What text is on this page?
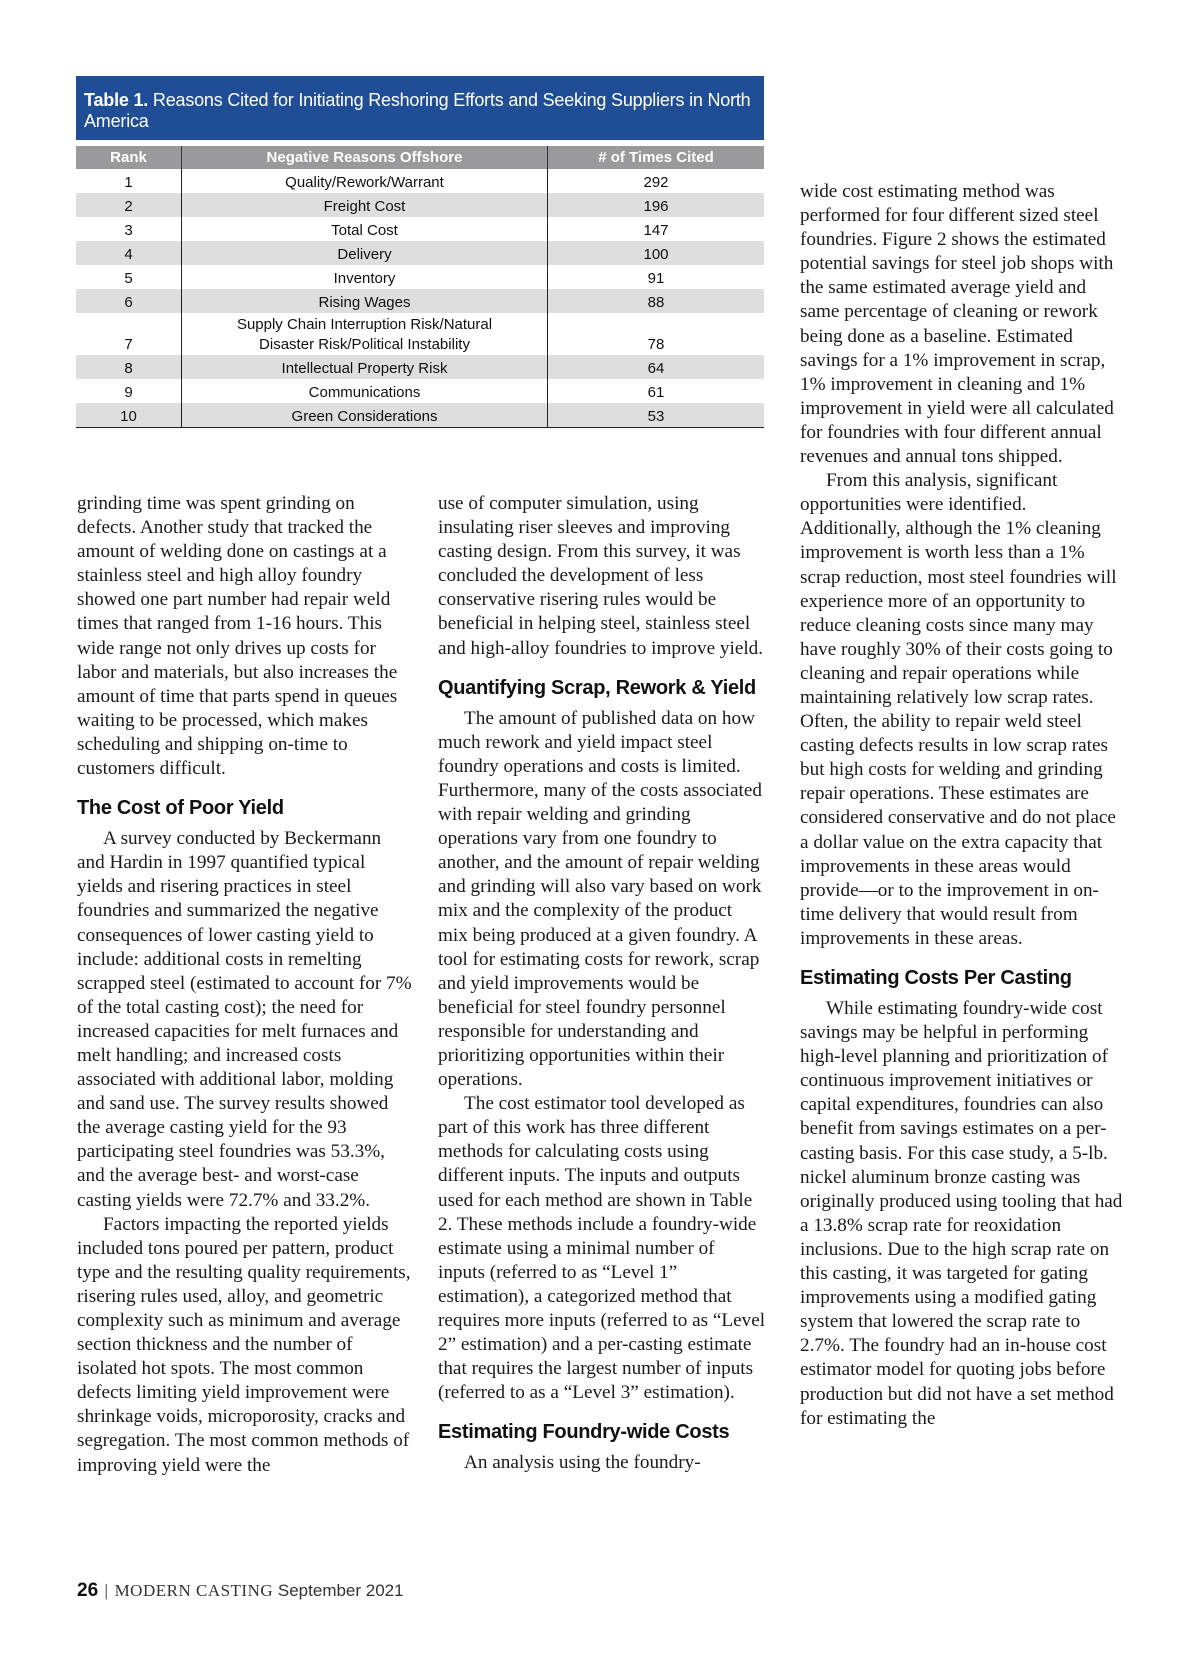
Table 1. Reasons Cited for Initiating Reshoring Efforts and Seeking Suppliers in North America
Rank	Negative Reasons Offshore	# of Times Cited
1	Quality/Rework/Warrant	292
2	Freight Cost	196
3	Total Cost	147
4	Delivery	100
5	Inventory	91
6	Rising Wages	88
7	Supply Chain Interruption Risk/Natural
Disaster Risk/Political Instability	78
8	Intellectual Property Risk	64
9	Communications	61
10	Green Considerations	53

grinding time was spent grinding on defects. Another study that tracked the amount of welding done on castings at a stainless steel and high alloy foundry showed one part number had repair weld times that ranged from 1-16 hours. This wide range not only drives up costs for labor and materials, but also increases the amount of time that parts spend in queues waiting to be processed, which makes scheduling and shipping on-time to customers difficult.

The Cost of Poor Yield

A survey conducted by Beckermann and Hardin in 1997 quantified typical yields and risering practices in steel foundries and summarized the negative consequences of lower casting yield to include: additional costs in remelting scrapped steel (estimated to account for 7% of the total casting cost); the need for increased capacities for melt furnaces and melt handling; and increased costs associated with additional labor, molding and sand use. The survey results showed the average casting yield for the 93 participating steel foundries was 53.3%, and the average best- and worst-case casting yields were 72.7% and 33.2%.

Factors impacting the reported yields included tons poured per pattern, product type and the resulting quality requirements, risering rules used, alloy, and geometric complexity such as minimum and average section thickness and the number of isolated hot spots. The most common defects limiting yield improvement were shrinkage voids, microporosity, cracks and segregation. The most common methods of improving yield were the

use of computer simulation, using insulating riser sleeves and improving casting design. From this survey, it was concluded the development of less conservative risering rules would be beneficial in helping steel, stainless steel and high-alloy foundries to improve yield.

Quantifying Scrap, Rework & Yield

The amount of published data on how much rework and yield impact steel foundry operations and costs is limited. Furthermore, many of the costs associated with repair welding and grinding operations vary from one foundry to another, and the amount of repair welding and grinding will also vary based on work mix and the complexity of the product mix being produced at a given foundry. A tool for estimating costs for rework, scrap and yield improvements would be beneficial for steel foundry personnel responsible for understanding and prioritizing opportunities within their operations.

The cost estimator tool developed as part of this work has three different methods for calculating costs using different inputs. The inputs and outputs used for each method are shown in Table 2. These methods include a foundry-wide estimate using a minimal number of inputs (referred to as “Level 1” estimation), a categorized method that requires more inputs (referred to as “Level 2” estimation) and a per-casting estimate that requires the largest number of inputs (referred to as a “Level 3” estimation).

Estimating Foundry-wide Costs

An analysis using the foundry-

wide cost estimating method was performed for four different sized steel foundries. Figure 2 shows the estimated potential savings for steel job shops with the same estimated average yield and same percentage of cleaning or rework being done as a baseline. Estimated savings for a 1% improvement in scrap, 1% improvement in cleaning and 1% improvement in yield were all calculated for foundries with four different annual revenues and annual tons shipped.

From this analysis, significant opportunities were identified. Additionally, although the 1% cleaning improvement is worth less than a 1% scrap reduction, most steel foundries will experience more of an opportunity to reduce cleaning costs since many may have roughly 30% of their costs going to cleaning and repair operations while maintaining relatively low scrap rates. Often, the ability to repair weld steel casting defects results in low scrap rates but high costs for welding and grinding repair operations. These estimates are considered conservative and do not place a dollar value on the extra capacity that improvements in these areas would provide—or to the improvement in on-time delivery that would result from improvements in these areas.

Estimating Costs Per Casting

While estimating foundry-wide cost savings may be helpful in performing high-level planning and prioritization of continuous improvement initiatives or capital expenditures, foundries can also benefit from savings estimates on a per-casting basis. For this case study, a 5-lb. nickel aluminum bronze casting was originally produced using tooling that had a 13.8% scrap rate for reoxidation inclusions. Due to the high scrap rate on this casting, it was targeted for gating improvements using a modified gating system that lowered the scrap rate to 2.7%. The foundry had an in-house cost estimator model for quoting jobs before production but did not have a set method for estimating the

26 | MODERN CASTING September 2021
